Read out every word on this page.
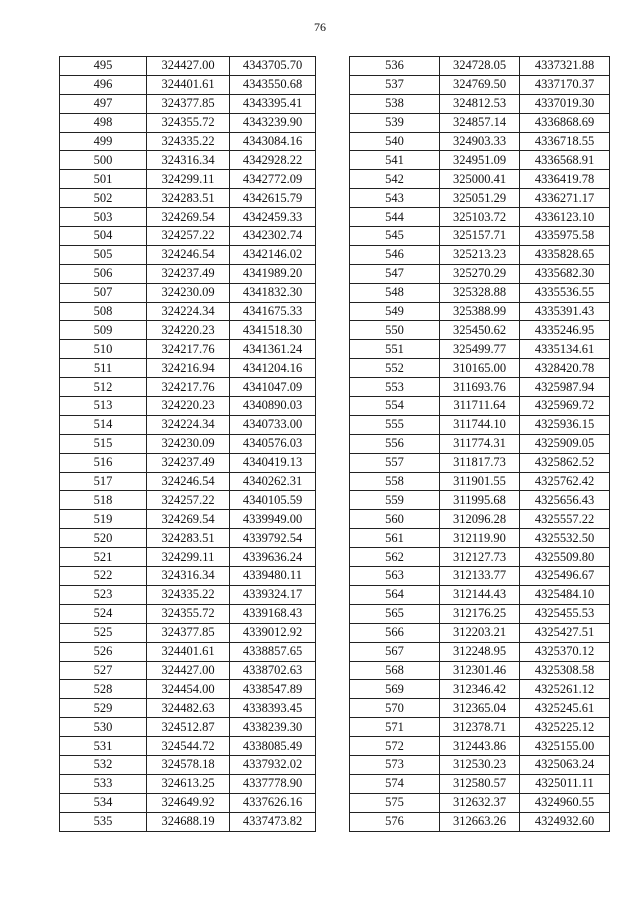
76
495	324427.00	4343705.70
496	324401.61	4343550.68
497	324377.85	4343395.41
498	324355.72	4343239.90
499	324335.22	4343084.16
500	324316.34	4342928.22
501	324299.11	4342772.09
502	324283.51	4342615.79
503	324269.54	4342459.33
504	324257.22	4342302.74
505	324246.54	4342146.02
506	324237.49	4341989.20
507	324230.09	4341832.30
508	324224.34	4341675.33
509	324220.23	4341518.30
510	324217.76	4341361.24
511	324216.94	4341204.16
512	324217.76	4341047.09
513	324220.23	4340890.03
514	324224.34	4340733.00
515	324230.09	4340576.03
516	324237.49	4340419.13
517	324246.54	4340262.31
518	324257.22	4340105.59
519	324269.54	4339949.00
520	324283.51	4339792.54
521	324299.11	4339636.24
522	324316.34	4339480.11
523	324335.22	4339324.17
524	324355.72	4339168.43
525	324377.85	4339012.92
526	324401.61	4338857.65
527	324427.00	4338702.63
528	324454.00	4338547.89
529	324482.63	4338393.45
530	324512.87	4338239.30
531	324544.72	4338085.49
532	324578.18	4337932.02
533	324613.25	4337778.90
534	324649.92	4337626.16
535	324688.19	4337473.82
536	324728.05	4337321.88
537	324769.50	4337170.37
538	324812.53	4337019.30
539	324857.14	4336868.69
540	324903.33	4336718.55
541	324951.09	4336568.91
542	325000.41	4336419.78
543	325051.29	4336271.17
544	325103.72	4336123.10
545	325157.71	4335975.58
546	325213.23	4335828.65
547	325270.29	4335682.30
548	325328.88	4335536.55
549	325388.99	4335391.43
550	325450.62	4335246.95
551	325499.77	4335134.61
552	310165.00	4328420.78
553	311693.76	4325987.94
554	311711.64	4325969.72
555	311744.10	4325936.15
556	311774.31	4325909.05
557	311817.73	4325862.52
558	311901.55	4325762.42
559	311995.68	4325656.43
560	312096.28	4325557.22
561	312119.90	4325532.50
562	312127.73	4325509.80
563	312133.77	4325496.67
564	312144.43	4325484.10
565	312176.25	4325455.53
566	312203.21	4325427.51
567	312248.95	4325370.12
568	312301.46	4325308.58
569	312346.42	4325261.12
570	312365.04	4325245.61
571	312378.71	4325225.12
572	312443.86	4325155.00
573	312530.23	4325063.24
574	312580.57	4325011.11
575	312632.37	4324960.55
576	312663.26	4324932.60
